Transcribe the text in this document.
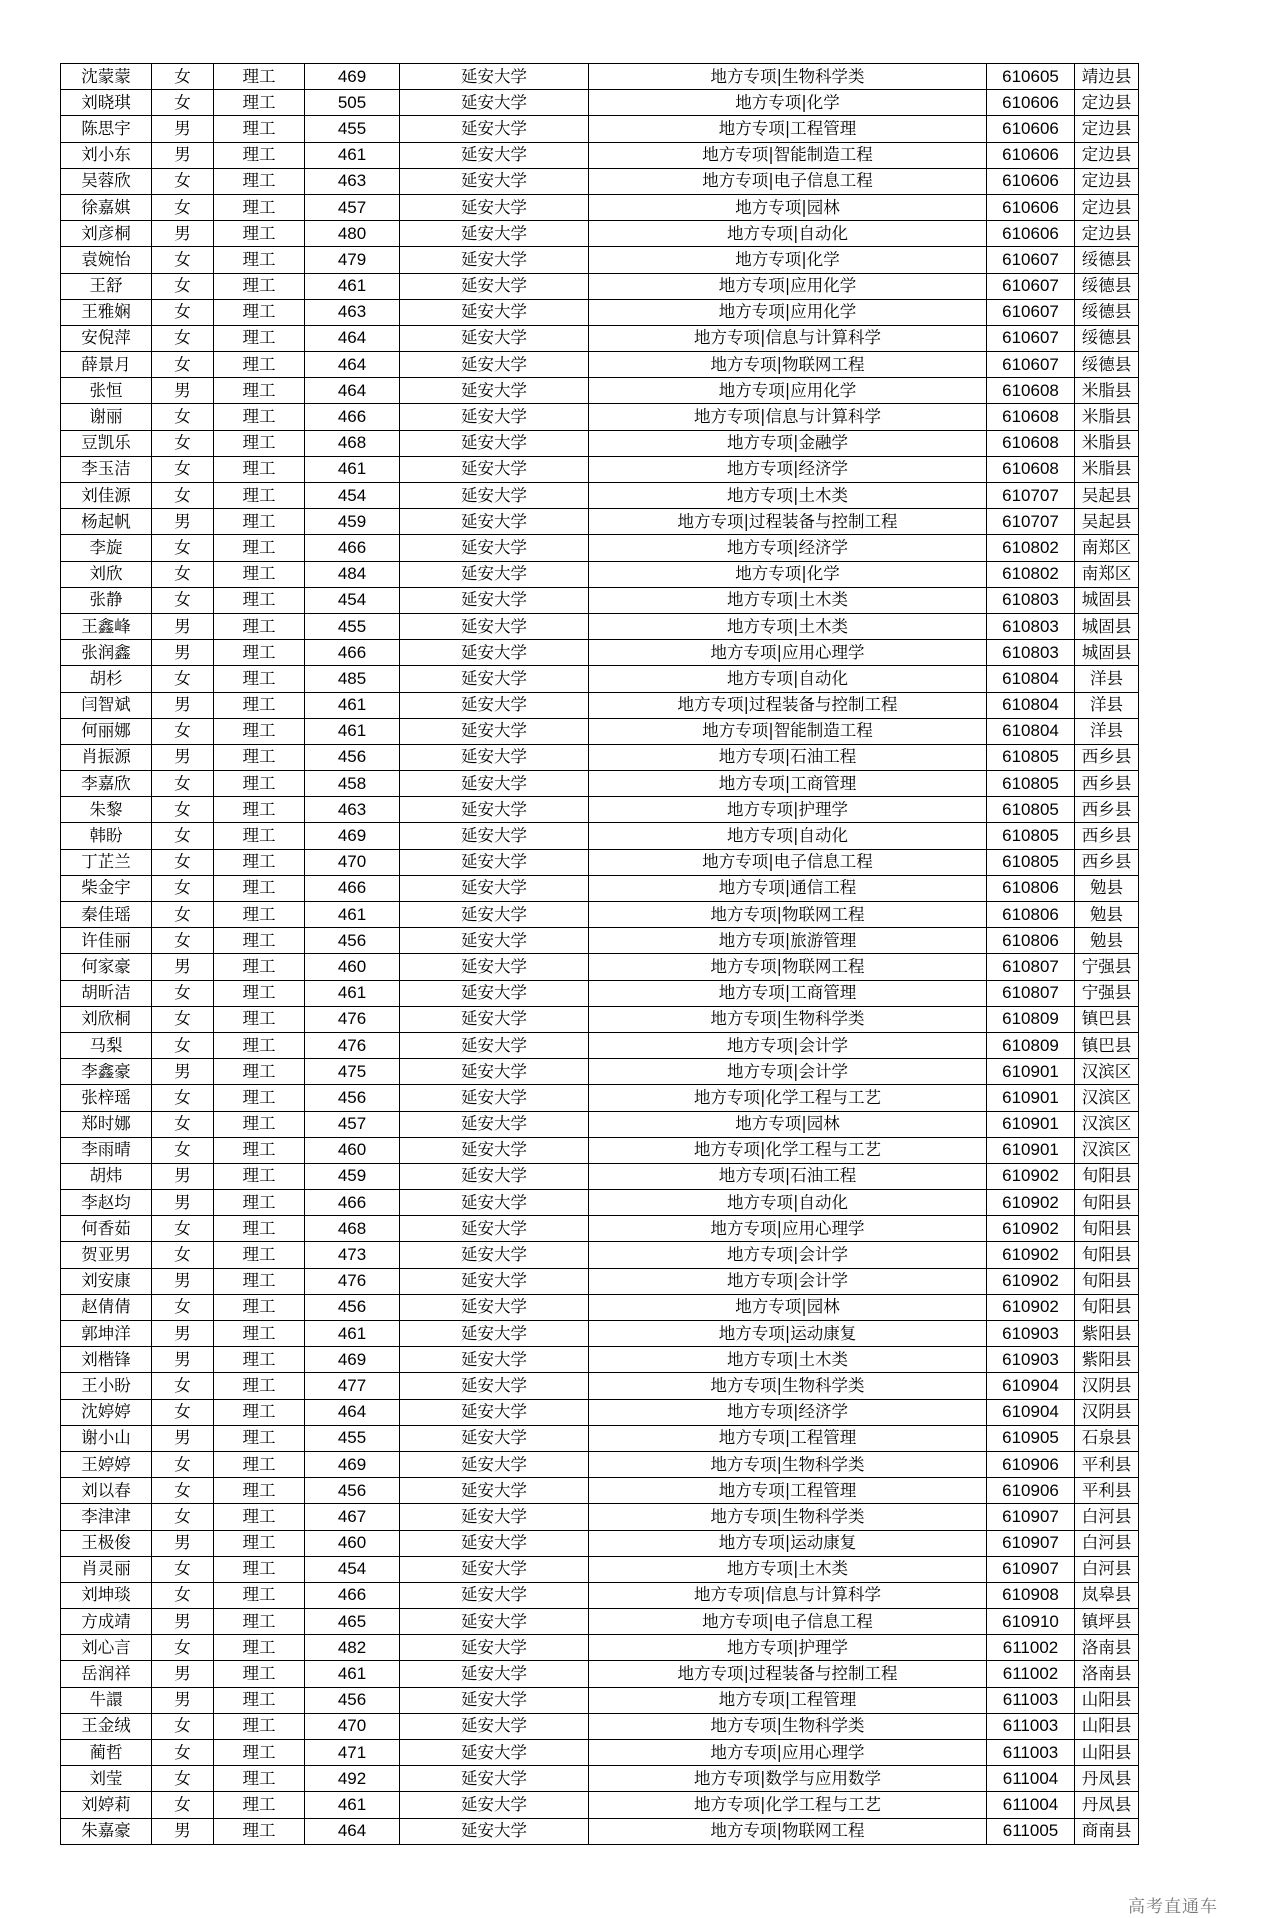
沈蒙蒙	女	理工	469	延安大学	地方专项|生物科学类	610605	靖边县
刘晓琪	女	理工	505	延安大学	地方专项|化学	610606	定边县
陈思宇	男	理工	455	延安大学	地方专项|工程管理	610606	定边县
刘小东	男	理工	461	延安大学	地方专项|智能制造工程	610606	定边县
吴蓉欣	女	理工	463	延安大学	地方专项|电子信息工程	610606	定边县
徐嘉娸	女	理工	457	延安大学	地方专项|园林	610606	定边县
刘彦桐	男	理工	480	延安大学	地方专项|自动化	610606	定边县
袁婉怡	女	理工	479	延安大学	地方专项|化学	610607	绥德县
王舒	女	理工	461	延安大学	地方专项|应用化学	610607	绥德县
王雅娴	女	理工	463	延安大学	地方专项|应用化学	610607	绥德县
安倪萍	女	理工	464	延安大学	地方专项|信息与计算科学	610607	绥德县
薛景月	女	理工	464	延安大学	地方专项|物联网工程	610607	绥德县
张恒	男	理工	464	延安大学	地方专项|应用化学	610608	米脂县
谢丽	女	理工	466	延安大学	地方专项|信息与计算科学	610608	米脂县
豆凯乐	女	理工	468	延安大学	地方专项|金融学	610608	米脂县
李玉洁	女	理工	461	延安大学	地方专项|经济学	610608	米脂县
刘佳源	女	理工	454	延安大学	地方专项|土木类	610707	吴起县
杨起帆	男	理工	459	延安大学	地方专项|过程装备与控制工程	610707	吴起县
李旋	女	理工	466	延安大学	地方专项|经济学	610802	南郑区
刘欣	女	理工	484	延安大学	地方专项|化学	610802	南郑区
张静	女	理工	454	延安大学	地方专项|土木类	610803	城固县
王鑫峰	男	理工	455	延安大学	地方专项|土木类	610803	城固县
张润鑫	男	理工	466	延安大学	地方专项|应用心理学	610803	城固县
胡杉	女	理工	485	延安大学	地方专项|自动化	610804	洋县
闫智斌	男	理工	461	延安大学	地方专项|过程装备与控制工程	610804	洋县
何丽娜	女	理工	461	延安大学	地方专项|智能制造工程	610804	洋县
肖振源	男	理工	456	延安大学	地方专项|石油工程	610805	西乡县
李嘉欣	女	理工	458	延安大学	地方专项|工商管理	610805	西乡县
朱黎	女	理工	463	延安大学	地方专项|护理学	610805	西乡县
韩盼	女	理工	469	延安大学	地方专项|自动化	610805	西乡县
丁芷兰	女	理工	470	延安大学	地方专项|电子信息工程	610805	西乡县
柴金宇	女	理工	466	延安大学	地方专项|通信工程	610806	勉县
秦佳瑶	女	理工	461	延安大学	地方专项|物联网工程	610806	勉县
许佳丽	女	理工	456	延安大学	地方专项|旅游管理	610806	勉县
何家豪	男	理工	460	延安大学	地方专项|物联网工程	610807	宁强县
胡昕洁	女	理工	461	延安大学	地方专项|工商管理	610807	宁强县
刘欣桐	女	理工	476	延安大学	地方专项|生物科学类	610809	镇巴县
马梨	女	理工	476	延安大学	地方专项|会计学	610809	镇巴县
李鑫豪	男	理工	475	延安大学	地方专项|会计学	610901	汉滨区
张梓瑶	女	理工	456	延安大学	地方专项|化学工程与工艺	610901	汉滨区
郑时娜	女	理工	457	延安大学	地方专项|园林	610901	汉滨区
李雨晴	女	理工	460	延安大学	地方专项|化学工程与工艺	610901	汉滨区
胡炜	男	理工	459	延安大学	地方专项|石油工程	610902	旬阳县
李赵均	男	理工	466	延安大学	地方专项|自动化	610902	旬阳县
何香茹	女	理工	468	延安大学	地方专项|应用心理学	610902	旬阳县
贺亚男	女	理工	473	延安大学	地方专项|会计学	610902	旬阳县
刘安康	男	理工	476	延安大学	地方专项|会计学	610902	旬阳县
赵倩倩	女	理工	456	延安大学	地方专项|园林	610902	旬阳县
郭坤洋	男	理工	461	延安大学	地方专项|运动康复	610903	紫阳县
刘楷锋	男	理工	469	延安大学	地方专项|土木类	610903	紫阳县
王小盼	女	理工	477	延安大学	地方专项|生物科学类	610904	汉阴县
沈婷婷	女	理工	464	延安大学	地方专项|经济学	610904	汉阴县
谢小山	男	理工	455	延安大学	地方专项|工程管理	610905	石泉县
王婷婷	女	理工	469	延安大学	地方专项|生物科学类	610906	平利县
刘以春	女	理工	456	延安大学	地方专项|工程管理	610906	平利县
李津津	女	理工	467	延安大学	地方专项|生物科学类	610907	白河县
王极俊	男	理工	460	延安大学	地方专项|运动康复	610907	白河县
肖灵丽	女	理工	454	延安大学	地方专项|土木类	610907	白河县
刘坤琰	女	理工	466	延安大学	地方专项|信息与计算科学	610908	岚皋县
方成靖	男	理工	465	延安大学	地方专项|电子信息工程	610910	镇坪县
刘心言	女	理工	482	延安大学	地方专项|护理学	611002	洛南县
岳润祥	男	理工	461	延安大学	地方专项|过程装备与控制工程	611002	洛南县
牛譞	男	理工	456	延安大学	地方专项|工程管理	611003	山阳县
王金绒	女	理工	470	延安大学	地方专项|生物科学类	611003	山阳县
蔺哲	女	理工	471	延安大学	地方专项|应用心理学	611003	山阳县
刘莹	女	理工	492	延安大学	地方专项|数学与应用数学	611004	丹凤县
刘婷莉	女	理工	461	延安大学	地方专项|化学工程与工艺	611004	丹凤县
朱嘉豪	男	理工	464	延安大学	地方专项|物联网工程	611005	商南县
高考直通车
